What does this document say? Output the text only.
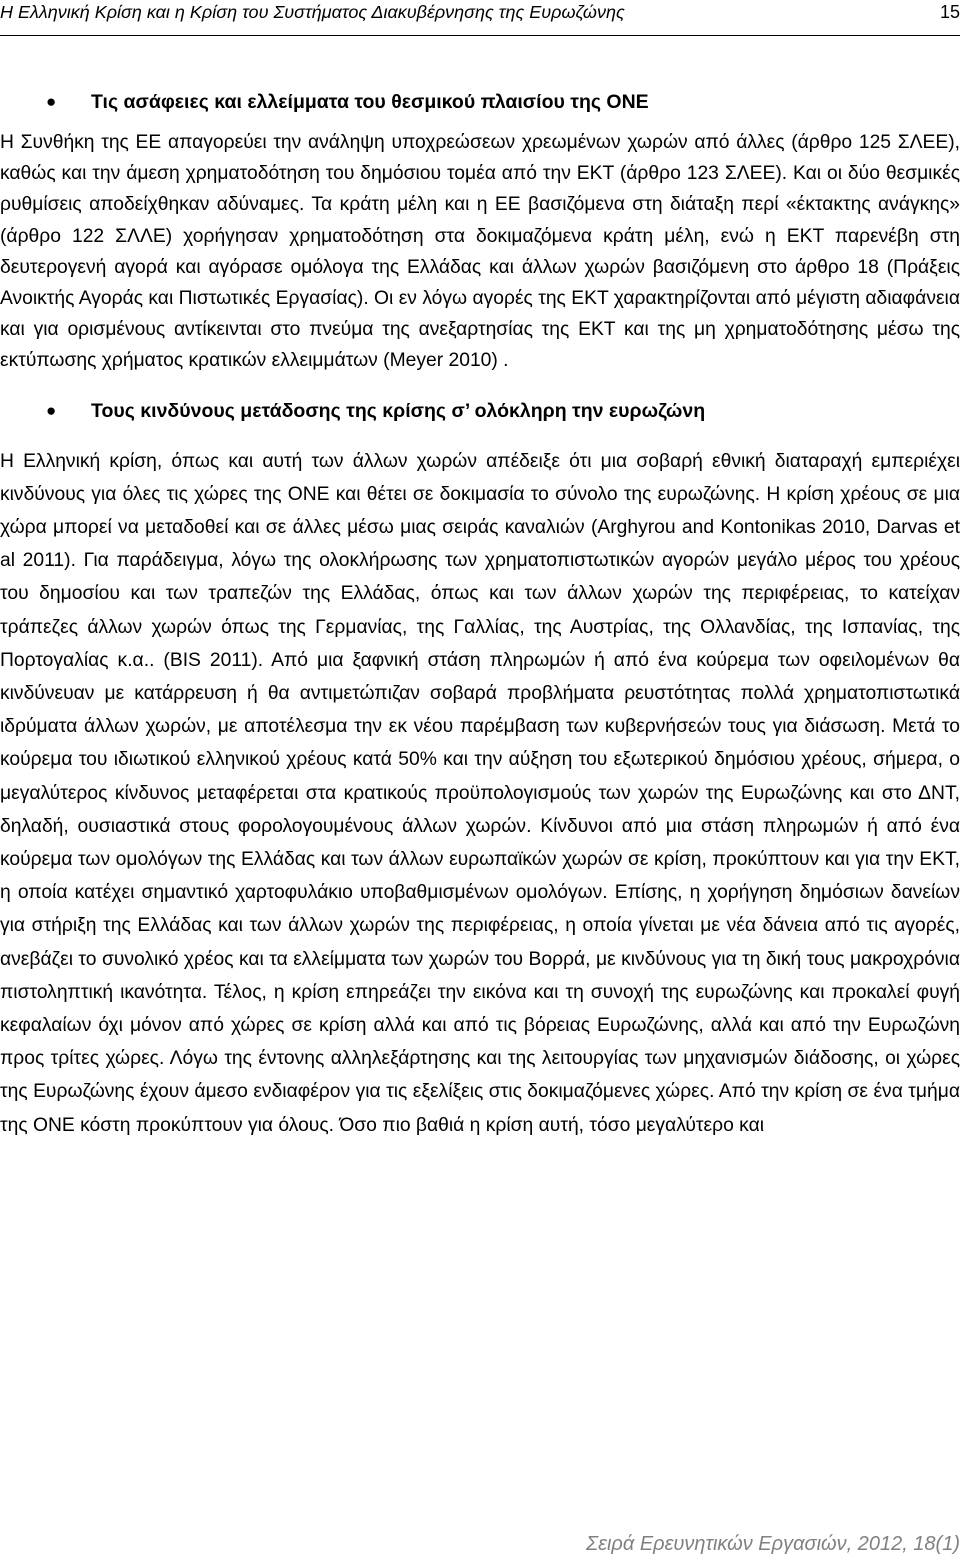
Η Ελληνική Κρίση και η Κρίση του Συστήματος Διακυβέρνησης της Ευρωζώνης	15
● Τις ασάφειες και ελλείμματα του θεσμικού πλαισίου της ΟΝΕ

Η Συνθήκη της ΕΕ απαγορεύει την ανάληψη υποχρεώσεων χρεωμένων χωρών από άλλες (άρθρο 125 ΣΛΕΕ), καθώς και την άμεση χρηματοδότηση του δημόσιου τομέα από την ΕΚΤ (άρθρο 123 ΣΛΕΕ). Και οι δύο θεσμικές ρυθμίσεις αποδείχθηκαν αδύναμες. Τα κράτη μέλη και η ΕΕ βασιζόμενα στη διάταξη περί «έκτακτης ανάγκης» (άρθρο 122 ΣΛΛΕ) χορήγησαν χρηματοδότηση στα δοκιμαζόμενα κράτη μέλη, ενώ η ΕΚΤ παρενέβη στη δευτερογενή αγορά και αγόρασε ομόλογα της Ελλάδας και άλλων χωρών βασιζόμενη στο άρθρο 18 (Πράξεις Ανοικτής Αγοράς και Πιστωτικές Εργασίας). Οι εν λόγω αγορές της ΕΚΤ χαρακτηρίζονται από μέγιστη αδιαφάνεια και για ορισμένους αντίκεινται στο πνεύμα της ανεξαρτησίας της ΕΚΤ και της μη χρηματοδότησης μέσω της εκτύπωσης χρήματος κρατικών ελλειμμάτων (Meyer 2010) .

● Τους κινδύνους μετάδοσης της κρίσης σ’ ολόκληρη την ευρωζώνη

Η Ελληνική κρίση, όπως και αυτή των άλλων χωρών απέδειξε ότι μια σοβαρή εθνική διαταραχή εμπεριέχει κινδύνους για όλες τις χώρες της ΟΝΕ και θέτει σε δοκιμασία το σύνολο της ευρωζώνης. Η κρίση χρέους σε μια χώρα μπορεί να μεταδοθεί και σε άλλες μέσω μιας σειράς καναλιών (Arghyrou and Kontonikas 2010, Darvas et al 2011). Για παράδειγμα, λόγω της ολοκλήρωσης των χρηματοπιστωτικών αγορών μεγάλο μέρος του χρέους του δημοσίου και των τραπεζών της Ελλάδας, όπως και των άλλων χωρών της περιφέρειας, το κατείχαν τράπεζες άλλων χωρών όπως της Γερμανίας, της Γαλλίας, της Αυστρίας, της Ολλανδίας, της Ισπανίας, της Πορτογαλίας κ.α.. (BIS 2011). Από μια ξαφνική στάση πληρωμών ή από ένα κούρεμα των οφειλομένων θα κινδύνευαν με κατάρρευση ή θα αντιμετώπιζαν σοβαρά προβλήματα ρευστότητας πολλά χρηματοπιστωτικά ιδρύματα άλλων χωρών, με αποτέλεσμα την εκ νέου παρέμβαση των κυβερνήσεών τους για διάσωση. Μετά το κούρεμα του ιδιωτικού ελληνικού χρέους κατά 50% και την αύξηση του εξωτερικού δημόσιου χρέους, σήμερα, ο μεγαλύτερος κίνδυνος μεταφέρεται στα κρατικούς προϋπολογισμούς των χωρών της Ευρωζώνης και στο ΔΝΤ, δηλαδή, ουσιαστικά στους φορολογουμένους άλλων χωρών. Κίνδυνοι από μια στάση πληρωμών ή από ένα κούρεμα των ομολόγων της Ελλάδας και των άλλων ευρωπαϊκών χωρών σε κρίση, προκύπτουν και για την ΕΚΤ, η οποία κατέχει σημαντικό χαρτοφυλάκιο υποβαθμισμένων ομολόγων. Επίσης, η χορήγηση δημόσιων δανείων για στήριξη της Ελλάδας και των άλλων χωρών της περιφέρειας, η οποία γίνεται με νέα δάνεια από τις αγορές, ανεβάζει το συνολικό χρέος και τα ελλείμματα των χωρών του Βορρά, με κινδύνους για τη δική τους μακροχρόνια πιστοληπτική ικανότητα. Τέλος, η κρίση επηρεάζει την εικόνα και τη συνοχή της ευρωζώνης και προκαλεί φυγή κεφαλαίων όχι μόνον από χώρες σε κρίση αλλά και από τις βόρειας Ευρωζώνης, αλλά και από την Ευρωζώνη προς τρίτες χώρες. Λόγω της έντονης αλληλεξάρτησης και της λειτουργίας των μηχανισμών διάδοσης, οι χώρες της Ευρωζώνης έχουν άμεσο ενδιαφέρον για τις εξελίξεις στις δοκιμαζόμενες χώρες. Από την κρίση σε ένα τμήμα της ΟΝΕ κόστη προκύπτουν για όλους. Όσο πιο βαθιά η κρίση αυτή, τόσο μεγαλύτερο και

Σειρά Ερευνητικών Εργασιών, 2012, 18(1)
